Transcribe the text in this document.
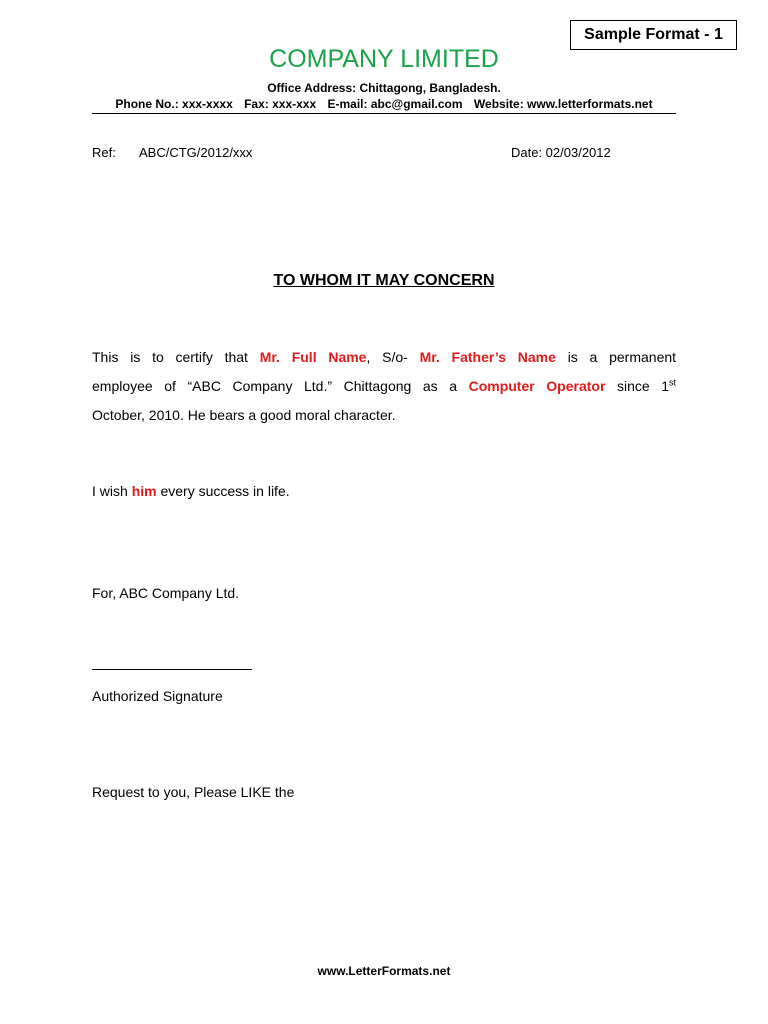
Sample Format - 1
COMPANY LIMITED
Office Address: Chittagong, Bangladesh.
Phone No.: xxx-xxxx Fax: xxx-xxx E-mail: abc@gmail.com Website: www.letterformats.net
Ref: ABC/CTG/2012/xxx	Date: 02/03/2012
TO WHOM IT MAY CONCERN
This is to certify that Mr. Full Name, S/o- Mr. Father’s Name is a permanent
employee of “ABC Company Ltd.” Chittagong as a Computer Operator since 1st
October, 2010. He bears a good moral character.
I wish him every success in life.
For, ABC Company Ltd.
Authorized Signature
Request to you, Please LIKE the
www.LetterFormats.net
